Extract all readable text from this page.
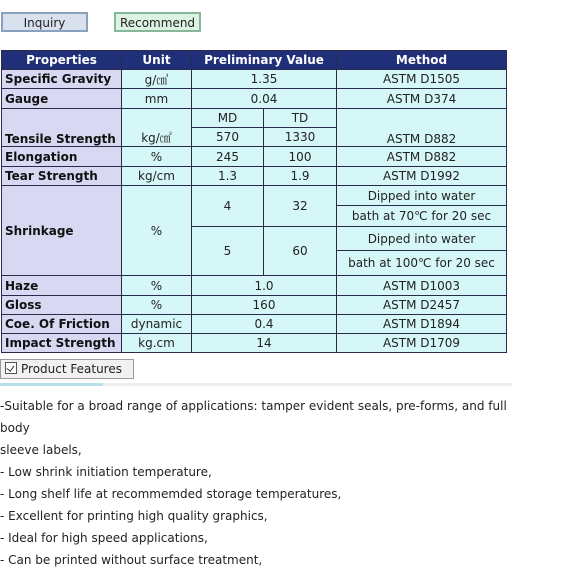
Inquiry	Recommend
Properties	Unit	Preliminary Value		Method
Specific Gravity	g/㎤	1.35		ASTM D1505
Gauge	mm	0.04		ASTM D374
Tensile Strength	kg/㎠	MD	TD	ASTM D882
		570	1330	
Elongation	%	245	100	ASTM D882
Tear Strength	kg/cm	1.3	1.9	ASTM D1992
Shrinkage	%	4	32	Dipped into water
				bath at 70℃ for 20 sec
		5	60	Dipped into water
				bath at 100℃ for 20 sec
Haze	%	1.0		ASTM D1003
Gloss	%	160		ASTM D2457
Coe. Of Friction	dynamic	0.4		ASTM D1894
Impact Strength	kg.cm	14		ASTM D1709
Product Features
-Suitable for a broad range of applications: tamper evident seals, pre-forms, and full body
sleeve labels,
- Low shrink initiation temperature,
- Long shelf life at recommemded storage temperatures,
- Excellent for printing high quality graphics,
- Ideal for high speed applications,
- Can be printed without surface treatment,
